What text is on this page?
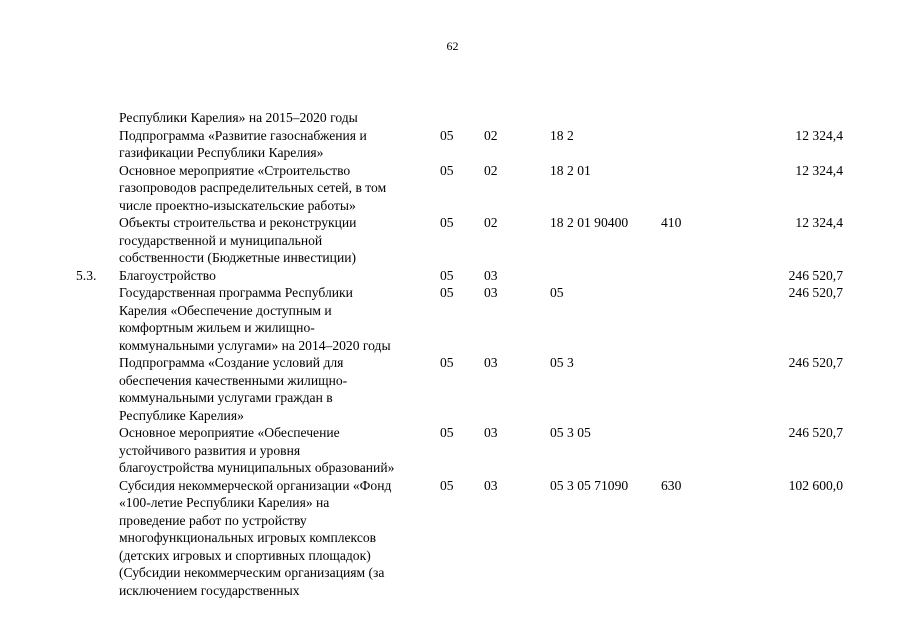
62
Республики Карелия» на 2015–2020 годы
Подпрограмма «Развитие газоснабжения и
газификации Республики Карелия»
05 02	18 2	12 324,4
Основное мероприятие «Строительство
газопроводов распределительных сетей, в том
числе проектно-изыскательские работы»
05 02	18 2 01	12 324,4
Объекты строительства и реконструкции
государственной и муниципальной
собственности (Бюджетные инвестиции)
05 02	18 2 01 90400 410	12 324,4
5.3. Благоустройство	05 03	246 520,7
Государственная программа Республики
Карелия «Обеспечение доступным и
комфортным жильем и жилищно-
коммунальными услугами» на 2014–2020 годы
05 03	05	246 520,7
Подпрограмма «Создание условий для
обеспечения качественными жилищно-
коммунальными услугами граждан в
Республике Карелия»
05 03	05 3	246 520,7
Основное мероприятие «Обеспечение
устойчивого развития и уровня
благоустройства муниципальных образований»
05 03	05 3 05	246 520,7
Субсидия некоммерческой организации «Фонд
«100-летие Республики Карелия» на
проведение работ по устройству
многофункциональных игровых комплексов
(детских игровых и спортивных площадок)
(Субсидии некоммерческим организациям (за
исключением государственных
05 03	05 3 05 71090 630	102 600,0
